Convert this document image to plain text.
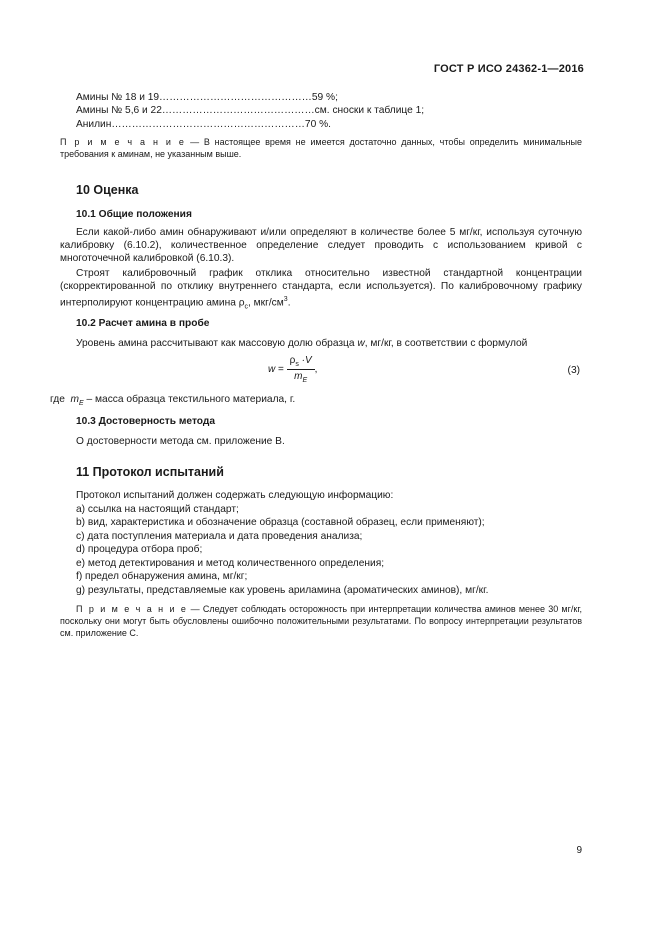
ГОСТ Р ИСО 24362-1—2016
Амины № 18 и 19………………………………………59 %;
Амины № 5,6 и 22………………………………………см. сноски к таблице 1;
Анилин…………………………………………………70 %.
П р и м е ч а н и е — В настоящее время не имеется достаточно данных, чтобы определить минимальные требования к аминам, не указанным выше.
10 Оценка
10.1 Общие положения
Если какой-либо амин обнаруживают и/или определяют в количестве более 5 мг/кг, используя суточную калибровку (6.10.2), количественное определение следует проводить с использованием кривой с многоточечной калибровкой (6.10.3).
Строят калибровочный график отклика относительно известной стандартной концентрации (скорректированной по отклику внутреннего стандарта, если используется). По калибровочному графику интерполируют концентрацию амина $\rho_c$, мкг/$см^3$.
10.2 Расчет амина в пробе
Уровень амина рассчитывают как массовую долю образца w, мг/кг, в соответствии с формулой
$w = \frac{\rho_s \cdot V}{m_E}$ ,	(3)
где $m_E$ – масса образца текстильного материала, г.
10.3 Достоверность метода
О достоверности метода см. приложение В.
11 Протокол испытаний
Протокол испытаний должен содержать следующую информацию:
а) ссылка на настоящий стандарт;
b) вид, характеристика и обозначение образца (составной образец, если применяют);
c) дата поступления материала и дата проведения анализа;
d) процедура отбора проб;
e) метод детектирования и метод количественного определения;
f) предел обнаружения амина, мг/кг;
g) результаты, представляемые как уровень ариламина (ароматических аминов), мг/кг.
П р и м е ч а н и е — Следует соблюдать осторожность при интерпретации количества аминов менее 30 мг/кг, поскольку они могут быть обусловлены ошибочно положительными результатами. По вопросу интерпретации результатов см. приложение С.
9
